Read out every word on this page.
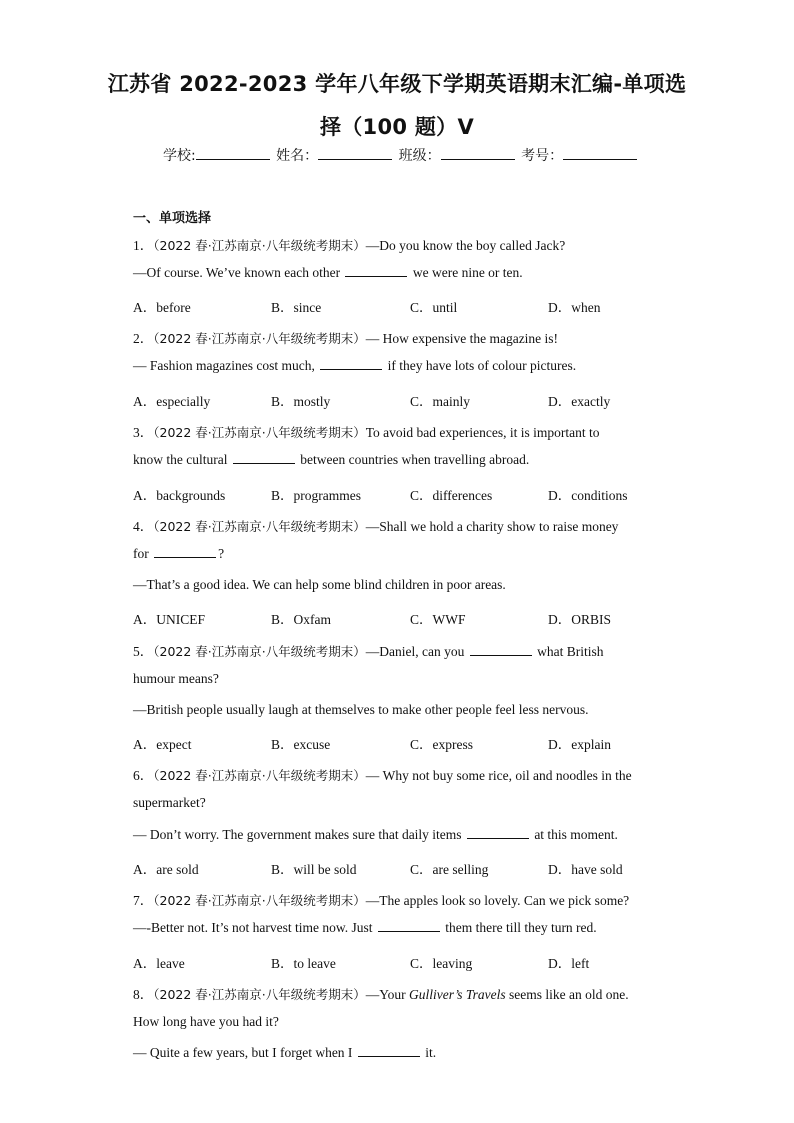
江苏省 2022-2023 学年八年级下学期英语期末汇编-单项选
择（100 题）V
学校:	姓名：	班级：	考号：
一、单项选择
1．（2022 春·江苏南京·八年级统考期末）—Do you know the boy called Jack?
—Of course. We’ve known each other	we were nine or ten.
A．before	B．since	C．until	D．when
2．（2022 春·江苏南京·八年级统考期末）— How expensive the magazine is!
— Fashion magazines cost much,	if they have lots of colour pictures.
A．especially	B．mostly	C．mainly	D．exactly
3．（2022 春·江苏南京·八年级统考期末）To avoid bad experiences, it is important to
know the cultural	between countries when travelling abroad.
A．backgrounds	B．programmes	C．differences	D．conditions
4．（2022 春·江苏南京·八年级统考期末）—Shall we hold a charity show to raise money
for	?
—That’s a good idea. We can help some blind children in poor areas.
A．UNICEF	B．Oxfam	C．WWF	D．ORBIS
5．（2022 春·江苏南京·八年级统考期末）—Daniel, can you	what British
humour means?
—British people usually laugh at themselves to make other people feel less nervous.
A．expect	B．excuse	C．express	D．explain
6．（2022 春·江苏南京·八年级统考期末）— Why not buy some rice, oil and noodles in the
supermarket?
— Don’t worry. The government makes sure that daily items	at this moment.
A．are sold	B．will be sold	C．are selling	D．have sold
7．（2022 春·江苏南京·八年级统考期末）—The apples look so lovely. Can we pick some?
—-Better not. It’s not harvest time now. Just	them there till they turn red.
A．leave	B．to leave	C．leaving	D．left
8．（2022 春·江苏南京·八年级统考期末）—Your Gulliver’s Travels seems like an old one.
How long have you had it?
— Quite a few years, but I forget when I	it.
